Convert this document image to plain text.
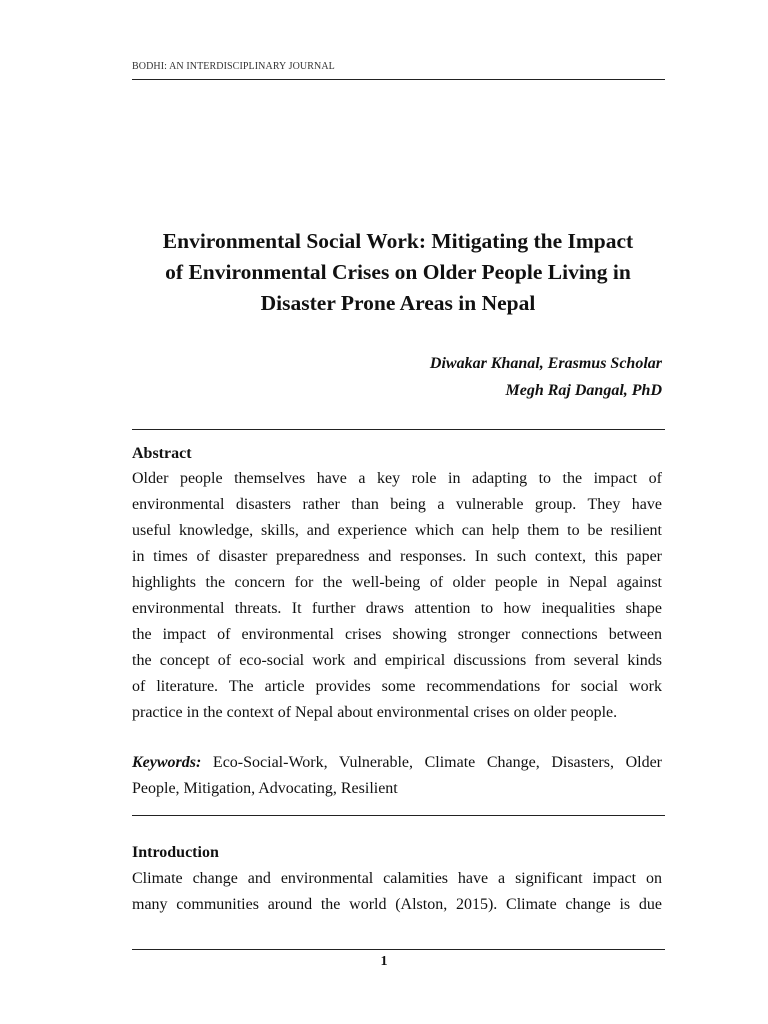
BODHI: AN INTERDISCIPLINARY JOURNAL
Environmental Social Work: Mitigating the Impact
of Environmental Crises on Older People Living in
Disaster Prone Areas in Nepal
Diwakar Khanal, Erasmus Scholar
Megh Raj Dangal, PhD
Abstract
Older people themselves have a key role in adapting to the impact of
environmental disasters rather than being a vulnerable group. They have
useful knowledge, skills, and experience which can help them to be resilient
in times of disaster preparedness and responses. In such context, this paper
highlights the concern for the well-being of older people in Nepal against
environmental threats. It further draws attention to how inequalities shape
the impact of environmental crises showing stronger connections between
the concept of eco-social work and empirical discussions from several kinds
of literature. The article provides some recommendations for social work
practice in the context of Nepal about environmental crises on older people.
Keywords: Eco-Social-Work, Vulnerable, Climate Change, Disasters, Older
People, Mitigation, Advocating, Resilient
Introduction
Climate change and environmental calamities have a significant impact on
many communities around the world (Alston, 2015). Climate change is due
1
